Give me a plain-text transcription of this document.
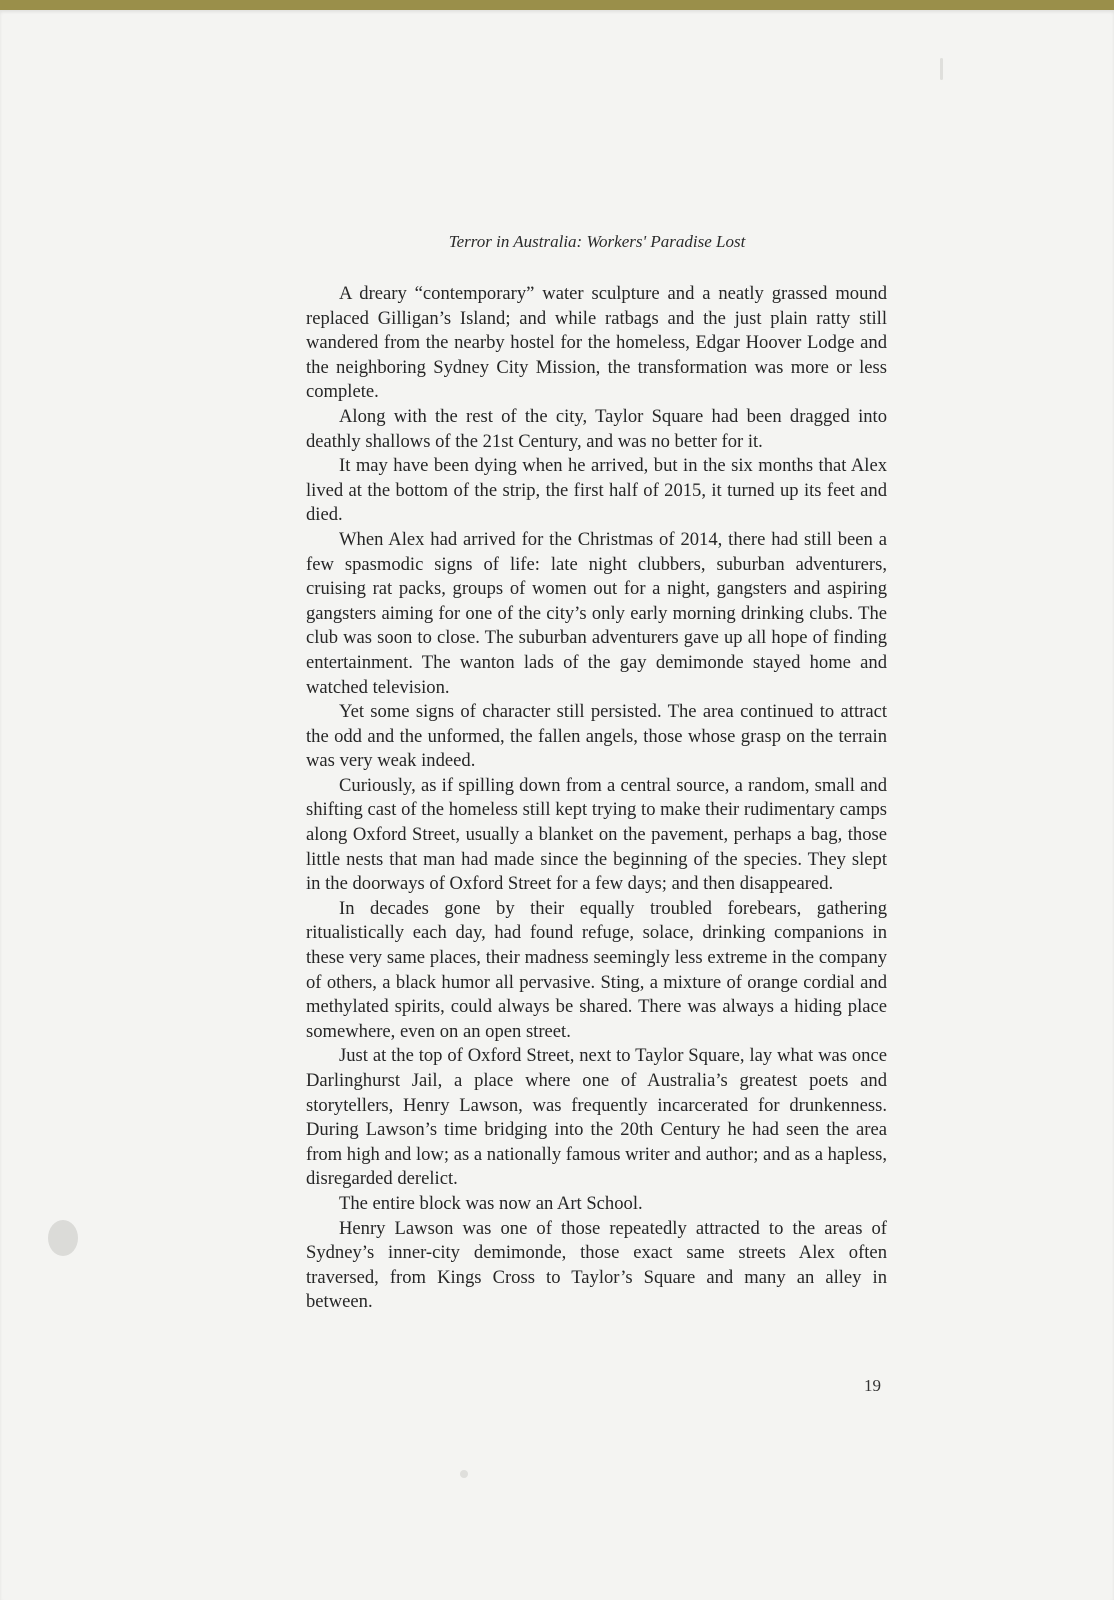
Terror in Australia: Workers' Paradise Lost

A dreary “contemporary” water sculpture and a neatly grassed mound replaced Gilligan’s Island; and while ratbags and the just plain ratty still wandered from the nearby hostel for the homeless, Edgar Hoover Lodge and the neighboring Sydney City Mission, the transformation was more or less complete.

Along with the rest of the city, Taylor Square had been dragged into deathly shallows of the 21st Century, and was no better for it.

It may have been dying when he arrived, but in the six months that Alex lived at the bottom of the strip, the first half of 2015, it turned up its feet and died.

When Alex had arrived for the Christmas of 2014, there had still been a few spasmodic signs of life: late night clubbers, suburban adventurers, cruising rat packs, groups of women out for a night, gangsters and aspiring gangsters aiming for one of the city’s only early morning drinking clubs. The club was soon to close. The suburban adventurers gave up all hope of finding entertainment. The wanton lads of the gay demimonde stayed home and watched television.

Yet some signs of character still persisted. The area continued to attract the odd and the unformed, the fallen angels, those whose grasp on the terrain was very weak indeed.

Curiously, as if spilling down from a central source, a random, small and shifting cast of the homeless still kept trying to make their rudimentary camps along Oxford Street, usually a blanket on the pavement, perhaps a bag, those little nests that man had made since the beginning of the species. They slept in the doorways of Oxford Street for a few days; and then disappeared.

In decades gone by their equally troubled forebears, gathering ritualistically each day, had found refuge, solace, drinking companions in these very same places, their madness seemingly less extreme in the company of others, a black humor all pervasive. Sting, a mixture of orange cordial and methylated spirits, could always be shared. There was always a hiding place somewhere, even on an open street.

Just at the top of Oxford Street, next to Taylor Square, lay what was once Darlinghurst Jail, a place where one of Australia’s greatest poets and storytellers, Henry Lawson, was frequently incarcerated for drunkenness. During Lawson’s time bridging into the 20th Century he had seen the area from high and low; as a nationally famous writer and author; and as a hapless, disregarded derelict.

The entire block was now an Art School.

Henry Lawson was one of those repeatedly attracted to the areas of Sydney’s inner-city demimonde, those exact same streets Alex often traversed, from Kings Cross to Taylor’s Square and many an alley in between.

19
